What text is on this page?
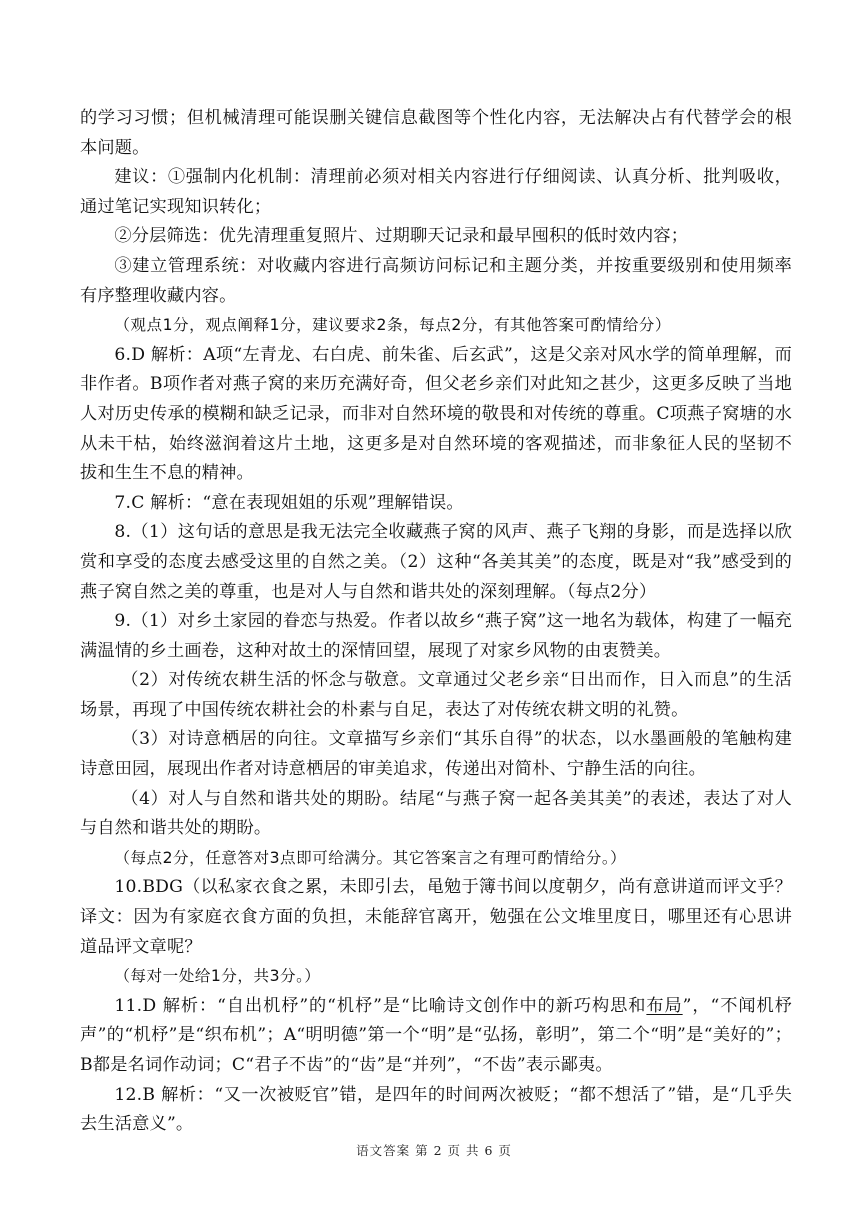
的学习习惯；但机械清理可能误删关键信息截图等个性化内容，无法解决占有代替学会的根本问题。

建议：①强制内化机制：清理前必须对相关内容进行仔细阅读、认真分析、批判吸收，通过笔记实现知识转化；

②分层筛选：优先清理重复照片、过期聊天记录和最早囤积的低时效内容；

③建立管理系统：对收藏内容进行高频访问标记和主题分类，并按重要级别和使用频率有序整理收藏内容。

（观点1分，观点阐释1分，建议要求2条，每点2分，有其他答案可酌情给分）

6.D 解析：A项“左青龙、右白虎、前朱雀、后玄武”，这是父亲对风水学的简单理解，而非作者。B项作者对燕子窝的来历充满好奇，但父老乡亲们对此知之甚少，这更多反映了当地人对历史传承的模糊和缺乏记录，而非对自然环境的敬畏和对传统的尊重。C项燕子窝塘的水从未干枯，始终滋润着这片土地，这更多是对自然环境的客观描述，而非象征人民的坚韧不拔和生生不息的精神。

7.C 解析：“意在表现姐姐的乐观”理解错误。

8.（1）这句话的意思是我无法完全收藏燕子窝的风声、燕子飞翔的身影，而是选择以欣赏和享受的态度去感受这里的自然之美。（2）这种“各美其美”的态度，既是对“我”感受到的燕子窝自然之美的尊重，也是对人与自然和谐共处的深刻理解。（每点2分）

9.（1）对乡土家园的眷恋与热爱。作者以故乡“燕子窝”这一地名为载体，构建了一幅充满温情的乡土画卷，这种对故土的深情回望，展现了对家乡风物的由衷赞美。

（2）对传统农耕生活的怀念与敬意。文章通过父老乡亲“日出而作，日入而息”的生活场景，再现了中国传统农耕社会的朴素与自足，表达了对传统农耕文明的礼赞。

（3）对诗意栖居的向往。文章描写乡亲们“其乐自得”的状态，以水墨画般的笔触构建诗意田园，展现出作者对诗意栖居的审美追求，传递出对简朴、宁静生活的向往。

（4）对人与自然和谐共处的期盼。结尾“与燕子窝一起各美其美”的表述，表达了对人与自然和谐共处的期盼。

（每点2分，任意答对3点即可给满分。其它答案言之有理可酌情给分。）

10.BDG（以私家衣食之累，未即引去，黾勉于簿书间以度朝夕，尚有意讲道而评文乎？译文：因为有家庭衣食方面的负担，未能辞官离开，勉强在公文堆里度日，哪里还有心思讲道品评文章呢？

（每对一处给1分，共3分。）

11.D 解析：“自出机杼”的“机杼”是“比喻诗文创作中的新巧构思和布局”，“不闻机杼声”的“机杼”是“织布机”；A“明明德”第一个“明”是“弘扬，彰明”，第二个“明”是“美好的”；B都是名词作动词；C“君子不齿”的“齿”是“并列”，“不齿”表示鄙夷。

12.B 解析：“又一次被贬官”错，是四年的时间两次被贬；“都不想活了”错，是“几乎失去生活意义”。

语文答案 第 2 页 共 6 页
